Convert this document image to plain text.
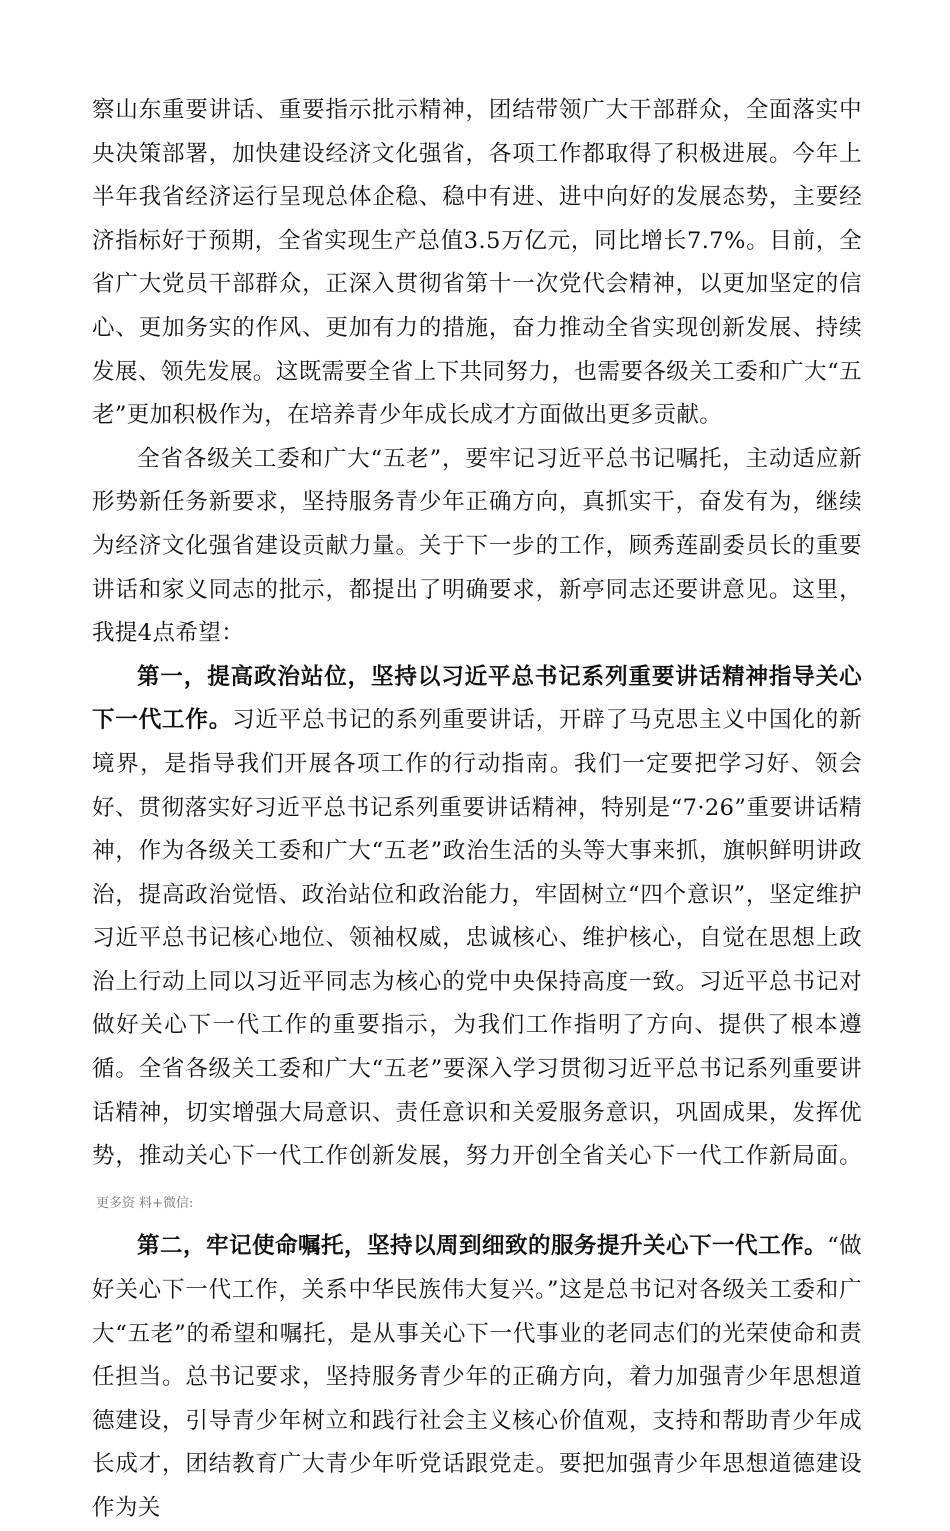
察山东重要讲话、重要指示批示精神，团结带领广大干部群众，全面落实中央决策部署，加快建设经济文化强省，各项工作都取得了积极进展。今年上半年我省经济运行呈现总体企稳、稳中有进、进中向好的发展态势，主要经济指标好于预期，全省实现生产总值3.5万亿元，同比增长7.7%。目前，全省广大党员干部群众，正深入贯彻省第十一次党代会精神，以更加坚定的信心、更加务实的作风、更加有力的措施，奋力推动全省实现创新发展、持续发展、领先发展。这既需要全省上下共同努力，也需要各级关工委和广大“五老”更加积极作为，在培养青少年成长成才方面做出更多贡献。

全省各级关工委和广大“五老”，要牢记习近平总书记嘱托，主动适应新形势新任务新要求，坚持服务青少年正确方向，真抓实干，奋发有为，继续为经济文化强省建设贡献力量。关于下一步的工作，顾秀莲副委员长的重要讲话和家义同志的批示，都提出了明确要求，新亭同志还要讲意见。这里，我提4点希望：

第一，提高政治站位，坚持以习近平总书记系列重要讲话精神指导关心下一代工作。习近平总书记的系列重要讲话，开辟了马克思主义中国化的新境界，是指导我们开展各项工作的行动指南。我们一定要把学习好、领会好、贯彻落实好习近平总书记系列重要讲话精神，特别是“7·26”重要讲话精神，作为各级关工委和广大“五老”政治生活的头等大事来抓，旗帜鲜明讲政治，提高政治觉悟、政治站位和政治能力，牢固树立“四个意识”，坚定维护习近平总书记核心地位、领袖权威，忠诚核心、维护核心，自觉在思想上政治上行动上同以习近平同志为核心的党中央保持高度一致。习近平总书记对做好关心下一代工作的重要指示，为我们工作指明了方向、提供了根本遵循。全省各级关工委和广大“五老”要深入学习贯彻习近平总书记系列重要讲话精神，切实增强大局意识、责任意识和关爱服务意识，巩固成果，发挥优势，推动关心下一代工作创新发展，努力开创全省关心下一代工作新局面。更多资 料+微信:

第二，牢记使命嘱托，坚持以周到细致的服务提升关心下一代工作。“做好关心下一代工作，关系中华民族伟大复兴。”这是总书记对各级关工委和广大“五老”的希望和嘱托，是从事关心下一代事业的老同志们的光荣使命和责任担当。总书记要求，坚持服务青少年的正确方向，着力加强青少年思想道德建设，引导青少年树立和践行社会主义核心价值观，支持和帮助青少年成长成才，团结教育广大青少年听党话跟党走。要把加强青少年思想道德建设作为关
